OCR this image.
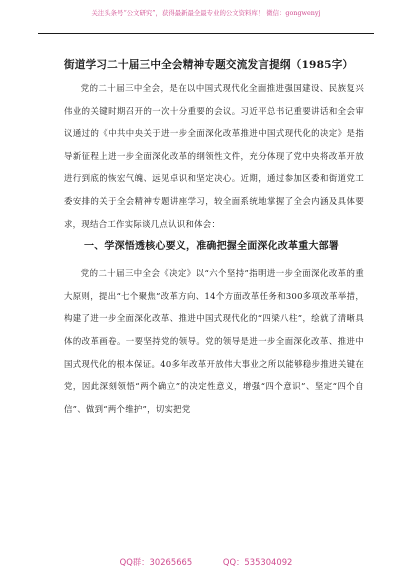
关注头条号“公文研究”，获得最新最全最专业的公文资料库！ 微信：gongwenyj
街道学习二十届三中全会精神专题交流发言提纲（1985字）

党的二十届三中全会，是在以中国式现代化全面推进强国建设、民族复兴伟业的关键时期召开的一次十分重要的会议。习近平总书记重要讲话和全会审议通过的《中共中央关于进一步全面深化改革推进中国式现代化的决定》是指导新征程上进一步全面深化改革的纲领性文件，充分体现了党中央将改革开放进行到底的恢宏气魄、远见卓识和坚定决心。近期，通过参加区委和街道党工委安排的关于全会精神专题讲座学习，较全面系统地掌握了全会内涵及具体要求，现结合工作实际谈几点认识和体会：

一、学深悟透核心要义，准确把握全面深化改革重大部署

党的二十届三中全会《决定》以“六个坚持”指明进一步全面深化改革的重大原则，提出“七个聚焦”改革方向、14个方面改革任务和300多项改革举措，构建了进一步全面深化改革、推进中国式现代化的“四梁八柱”，绘就了清晰具体的改革画卷。一要坚持党的领导。党的领导是进一步全面深化改革、推进中国式现代化的根本保证。40多年改革开放伟大事业之所以能够稳步推进关键在党，因此深刻领悟“两个确立”的决定性意义，增强“四个意识”、坚定“四个自信”、做到“两个维护”，切实把党

QQ群：30265665	QQ：535304092
